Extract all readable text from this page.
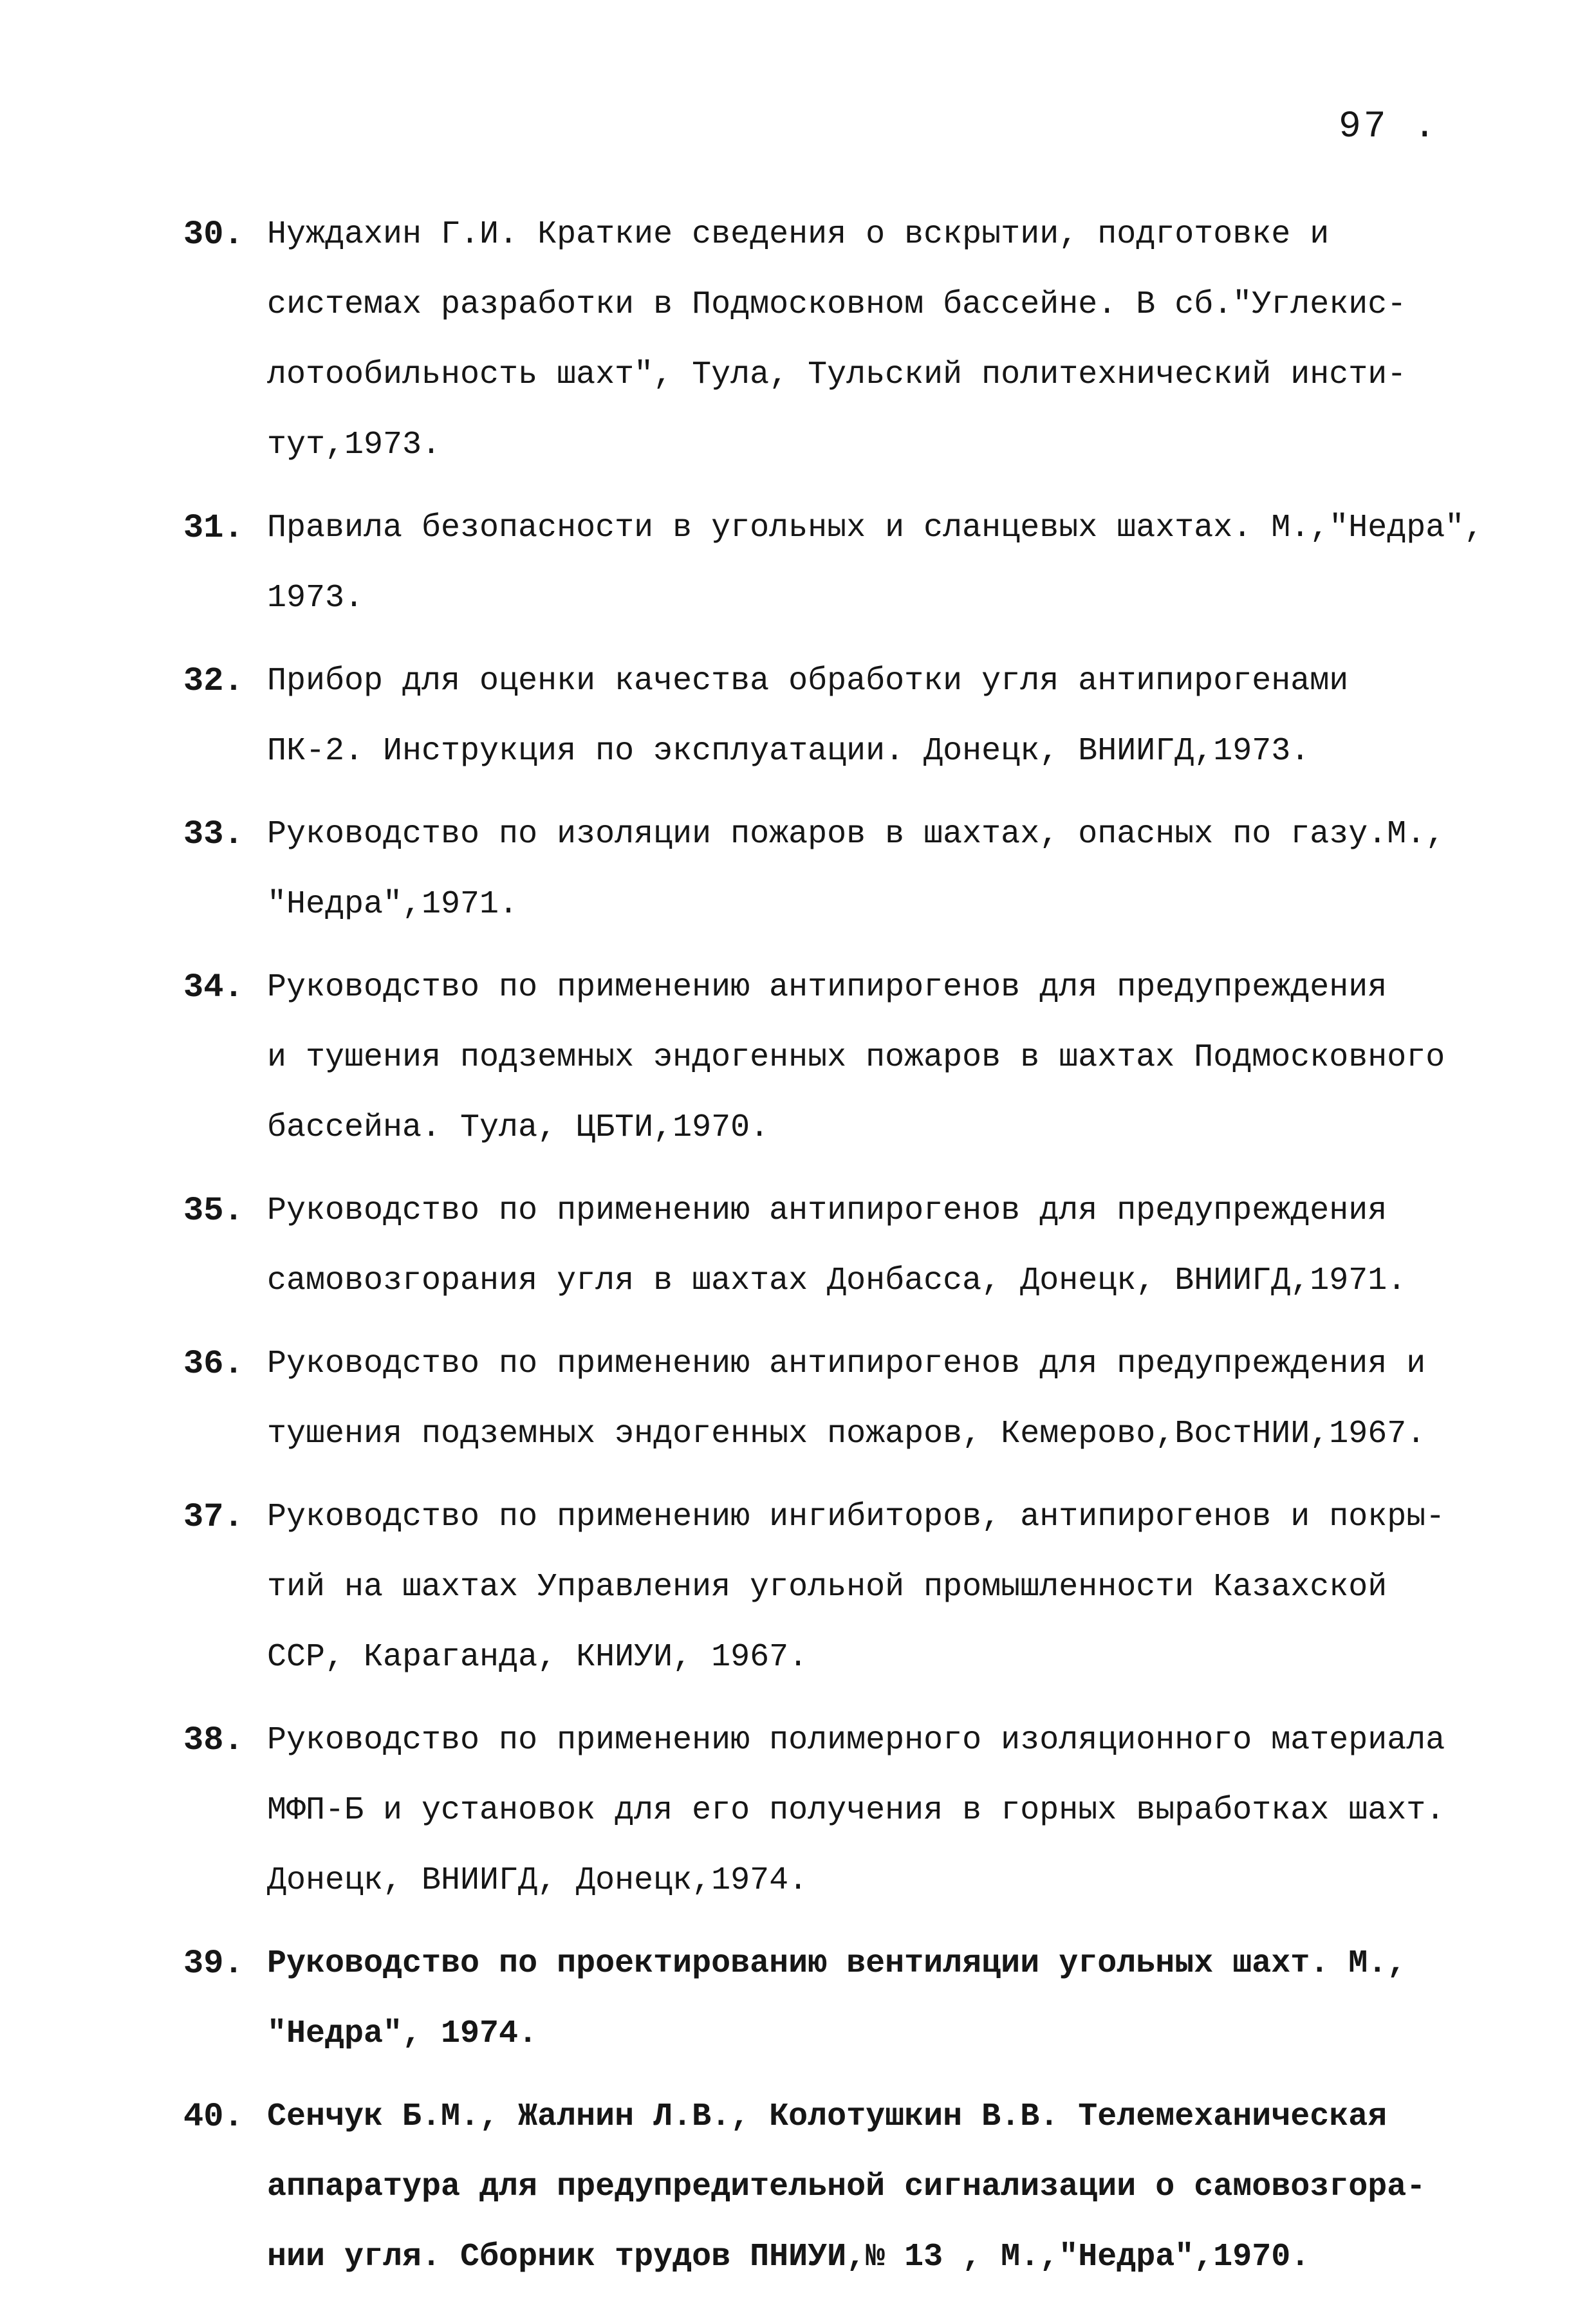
97 .
30. Нуждахин Г.И. Краткие сведения о вскрытии, подготовке и
системах разработки в Подмосковном бассейне. В сб."Углекис-
лотообильность шахт", Тула, Тульский политехнический инсти-
тут,1973.
31. Правила безопасности в угольных и сланцевых шахтах. М.,"Недра",
1973.
32. Прибор для оценки качества обработки угля антипирогенами
ПК-2. Инструкция по эксплуатации. Донецк, ВНИИГД,1973.
33. Руководство по изоляции пожаров в шахтах, опасных по газу.М.,
"Недра",1971.
34. Руководство по применению антипирогенов для предупреждения
и тушения подземных эндогенных пожаров в шахтах Подмосковного
бассейна. Тула, ЦБТИ,1970.
35. Руководство по применению антипирогенов для предупреждения
самовозгорания угля в шахтах Донбасса, Донецк, ВНИИГД,1971.
36. Руководство по применению антипирогенов для предупреждения и
тушения подземных эндогенных пожаров, Кемерово,ВостНИИ,1967.
37. Руководство по применению ингибиторов, антипирогенов и покры-
тий на шахтах Управления угольной промышленности Казахской
ССР, Караганда, КНИУИ, 1967.
38. Руководство по применению полимерного изоляционного материала
МФП-Б и установок для его получения в горных выработках шахт.
Донецк, ВНИИГД, Донецк,1974.
39. Руководство по проектированию вентиляции угольных шахт. М.,
"Недра", 1974.
40. Сенчук Б.М., Жалнин Л.В., Колотушкин В.В. Телемеханическая
аппаратура для предупредительной сигнализации о самовозгора-
нии угля. Сборник трудов ПНИУИ,№ 13 , М.,"Недра",1970.
